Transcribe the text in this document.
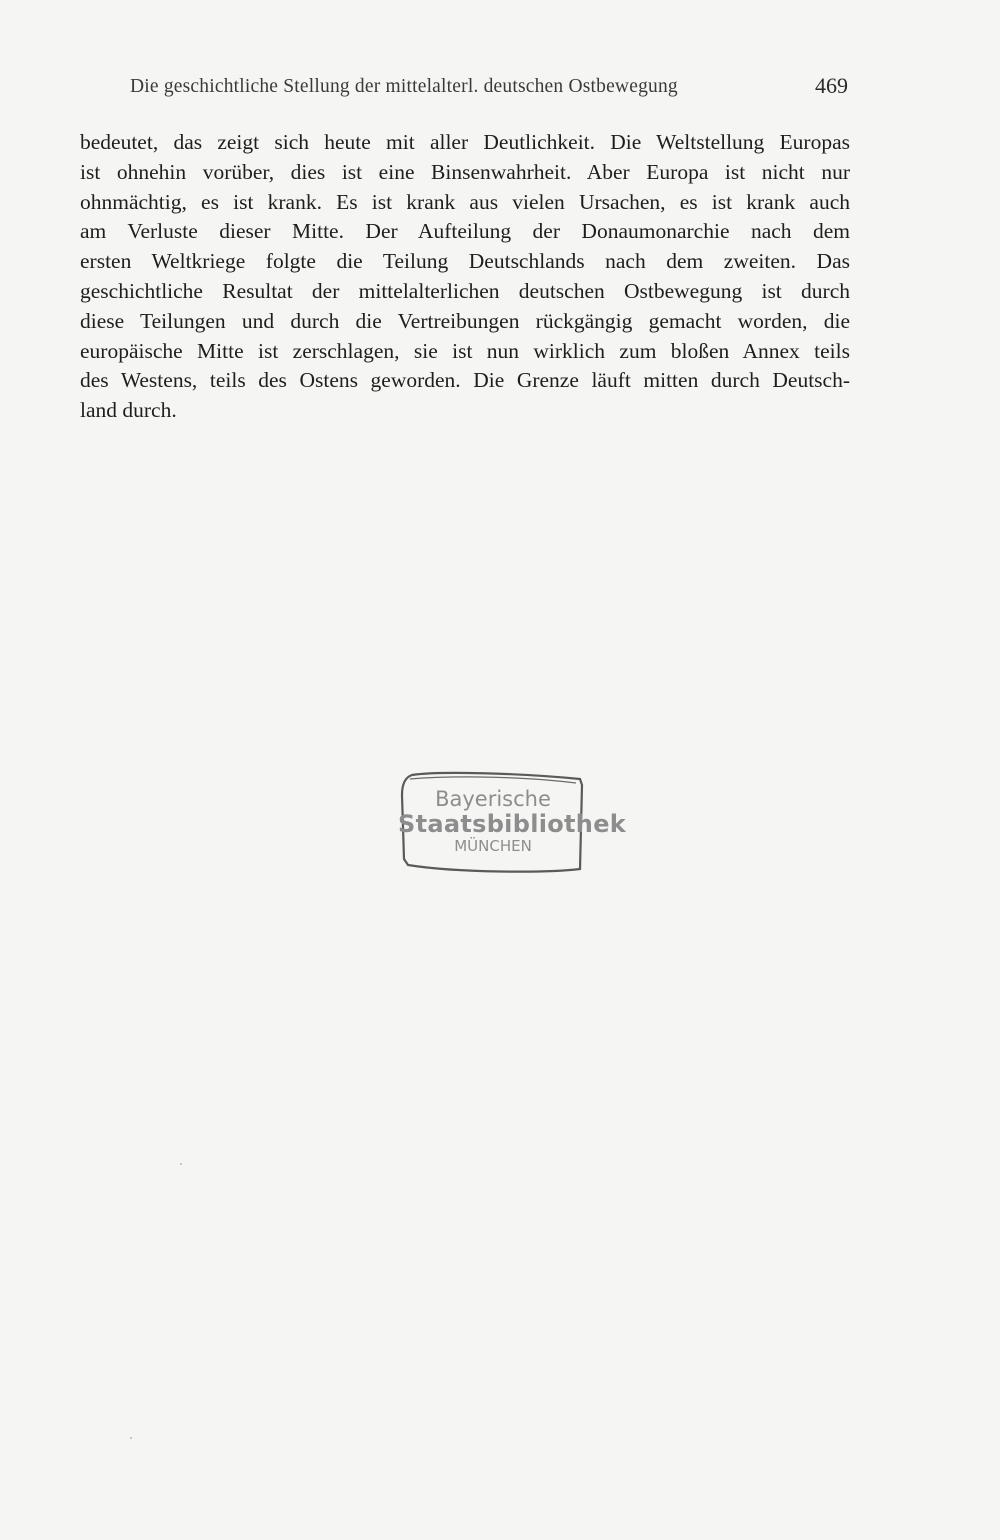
Die geschichtliche Stellung der mittelalterl. deutschen Ostbewegung	469
bedeutet, das zeigt sich heute mit aller Deutlichkeit. Die Weltstellung Europas
ist ohnehin vorüber, dies ist eine Binsenwahrheit. Aber Europa ist nicht nur
ohnmächtig, es ist krank. Es ist krank aus vielen Ursachen, es ist krank auch
am Verluste dieser Mitte. Der Aufteilung der Donaumonarchie nach dem
ersten Weltkriege folgte die Teilung Deutschlands nach dem zweiten. Das
geschichtliche Resultat der mittelalterlichen deutschen Ostbewegung ist durch
diese Teilungen und durch die Vertreibungen rückgängig gemacht worden, die
europäische Mitte ist zerschlagen, sie ist nun wirklich zum bloßen Annex teils
des Westens, teils des Ostens geworden. Die Grenze läuft mitten durch Deutsch-
land durch.
Bayerische
Staatsbibliothek
MÜNCHEN
